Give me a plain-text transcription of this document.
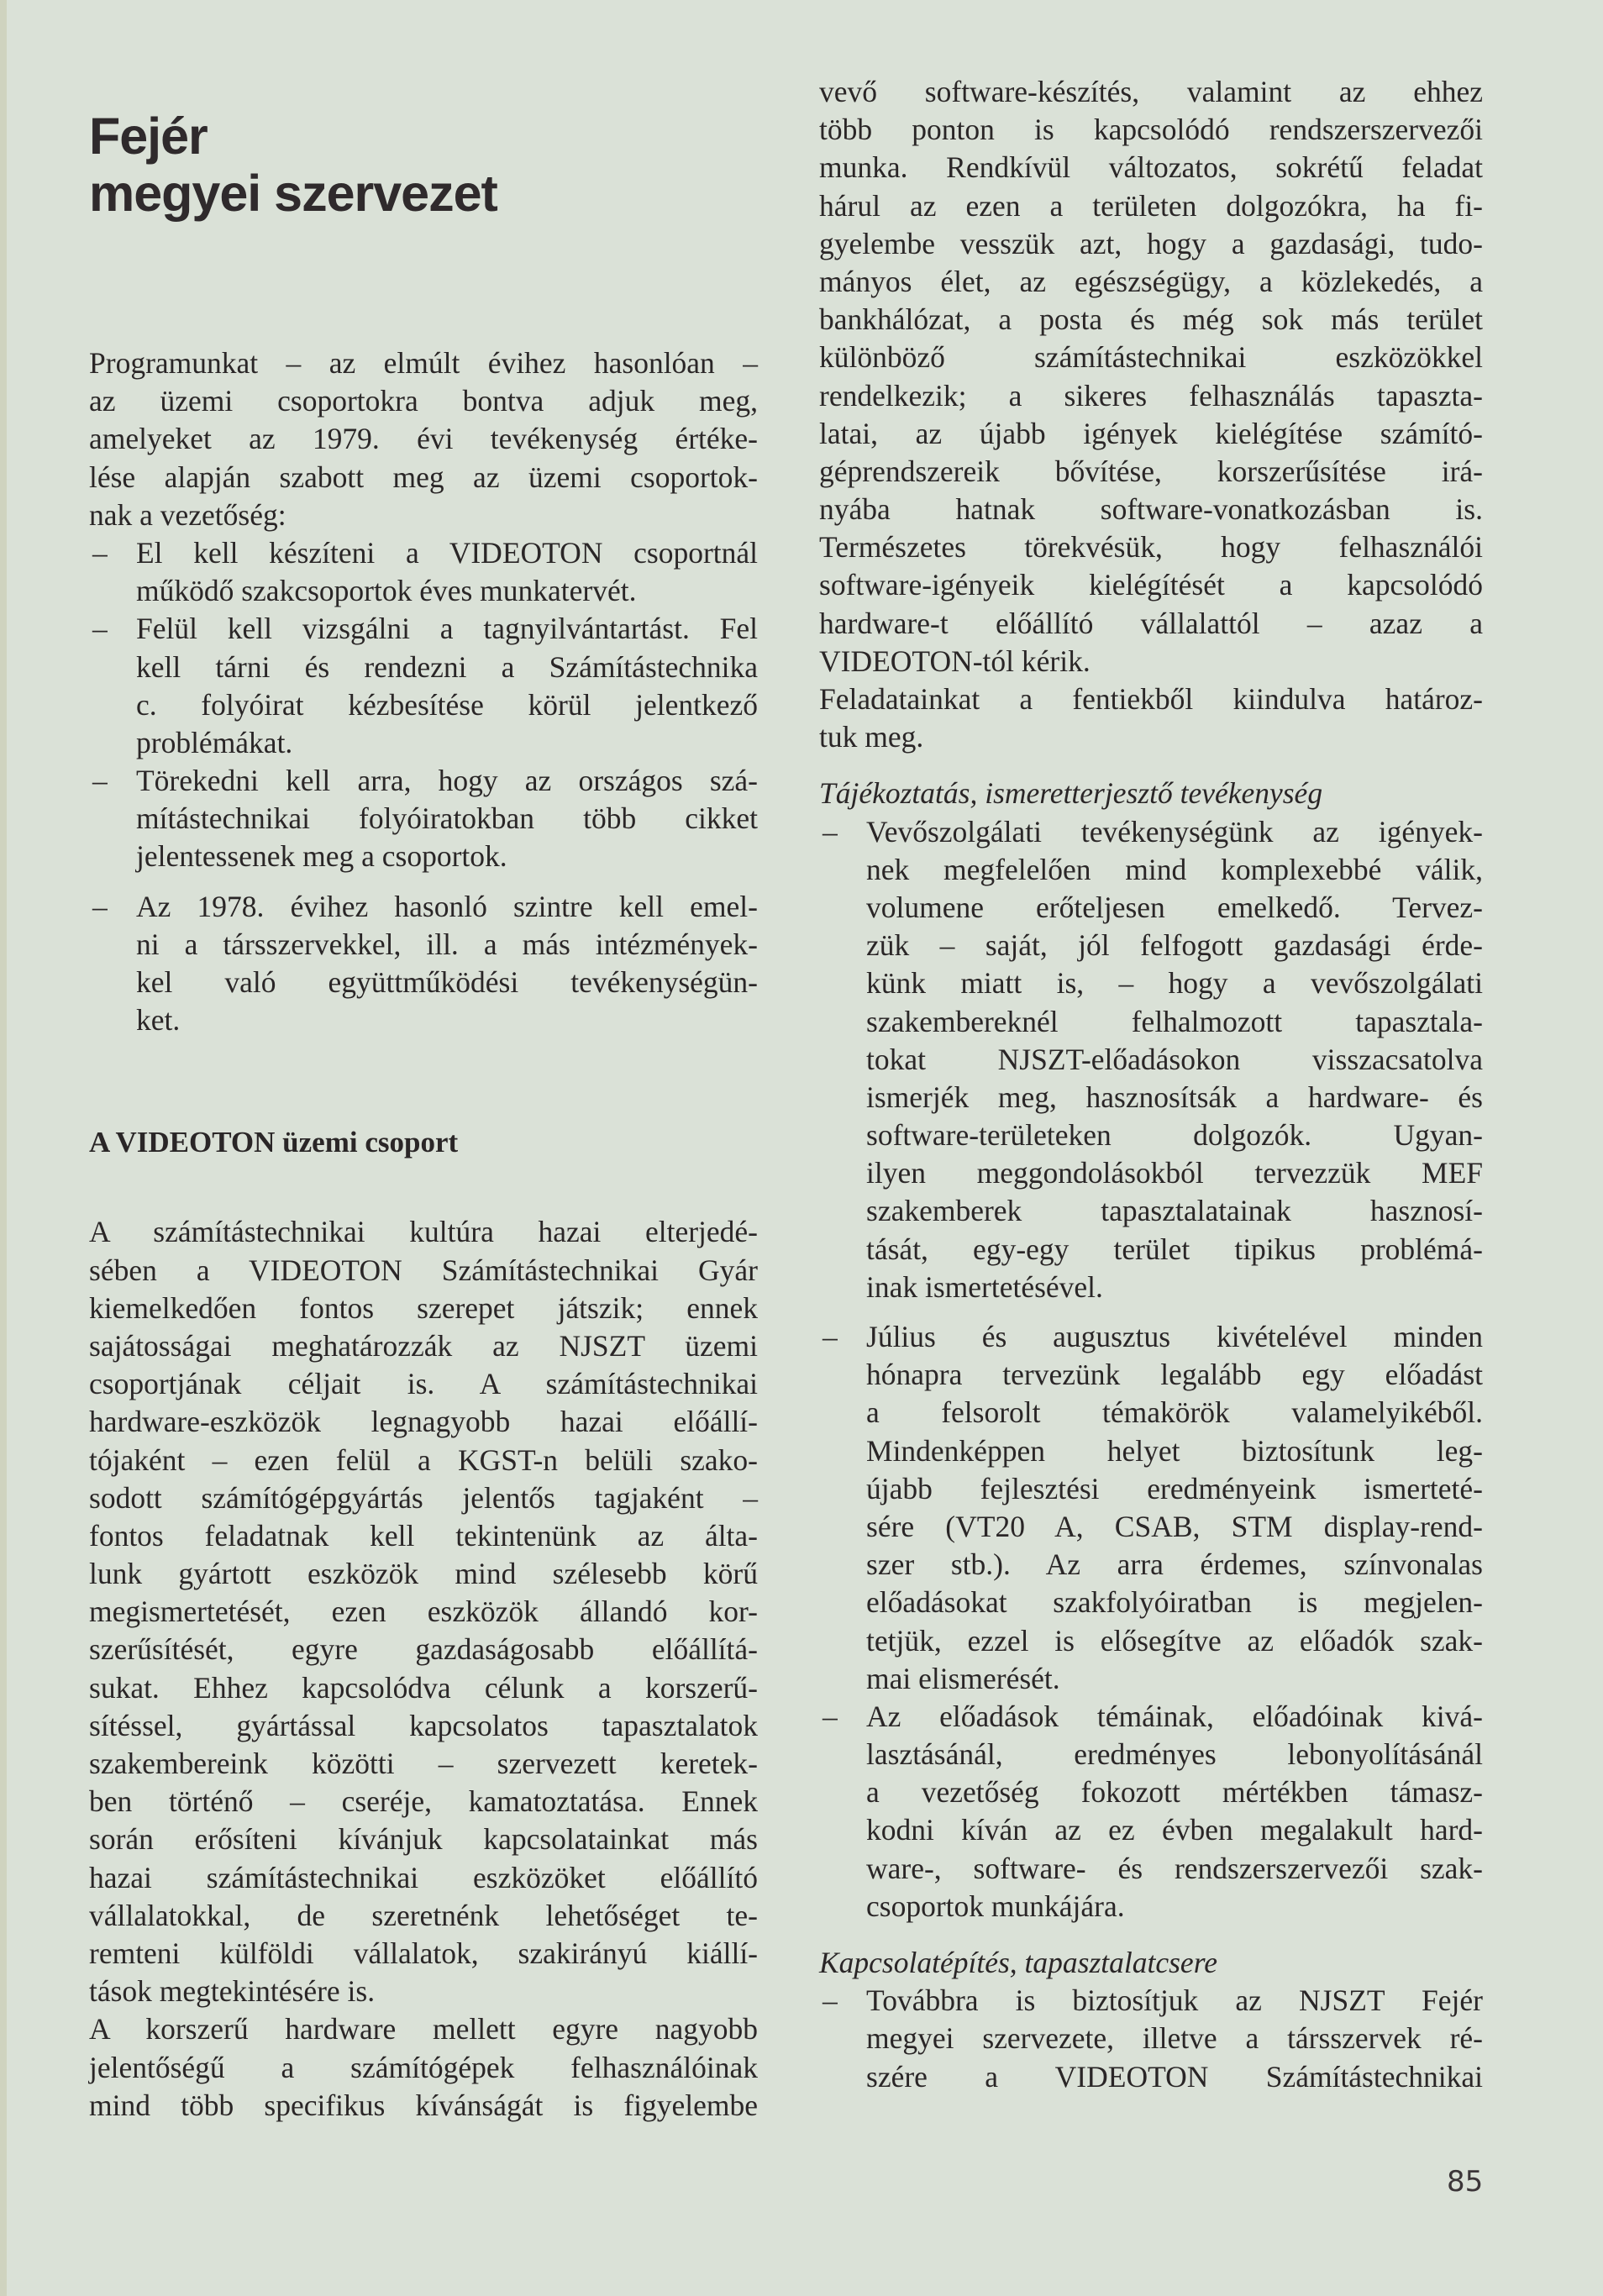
Fejér
megyei szervezet
Programunkat – az elmúlt évihez hasonlóan –
az üzemi csoportokra bontva adjuk meg,
amelyeket az 1979. évi tevékenység értéke-
lése alapján szabott meg az üzemi csoportok-
nak a vezetőség:
– El kell készíteni a VIDEOTON csoportnál
működő szakcsoportok éves munkatervét.
– Felül kell vizsgálni a tagnyilvántartást. Fel
kell tárni és rendezni a Számítástechnika
c. folyóirat kézbesítése körül jelentkező
problémákat.
– Törekedni kell arra, hogy az országos szá-
mítástechnikai folyóiratokban több cikket
jelentessenek meg a csoportok.
– Az 1978. évihez hasonló szintre kell emel-
ni a társszervekkel, ill. a más intézmények-
kel való együttműködési tevékenységün-
ket.
A VIDEOTON üzemi csoport
A számítástechnikai kultúra hazai elterjedé-
sében a VIDEOTON Számítástechnikai Gyár
kiemelkedően fontos szerepet játszik; ennek
sajátosságai meghatározzák az NJSZT üzemi
csoportjának céljait is. A számítástechnikai
hardware-eszközök legnagyobb hazai előállí-
tójaként – ezen felül a KGST-n belüli szako-
sodott számítógépgyártás jelentős tagjaként –
fontos feladatnak kell tekintenünk az álta-
lunk gyártott eszközök mind szélesebb körű
megismertetését, ezen eszközök állandó kor-
szerűsítését, egyre gazdaságosabb előállítá-
sukat. Ehhez kapcsolódva célunk a korszerű-
sítéssel, gyártással kapcsolatos tapasztalatok
szakembereink közötti – szervezett keretek-
ben történő – cseréje, kamatoztatása. Ennek
során erősíteni kívánjuk kapcsolatainkat más
hazai számítástechnikai eszközöket előállító
vállalatokkal, de szeretnénk lehetőséget te-
remteni külföldi vállalatok, szakirányú kiállí-
tások megtekintésére is.
A korszerű hardware mellett egyre nagyobb
jelentőségű a számítógépek felhasználóinak
mind több specifikus kívánságát is figyelembe
vevő software-készítés, valamint az ehhez
több ponton is kapcsolódó rendszerszervezői
munka. Rendkívül változatos, sokrétű feladat
hárul az ezen a területen dolgozókra, ha fi-
gyelembe vesszük azt, hogy a gazdasági, tudo-
mányos élet, az egészségügy, a közlekedés, a
bankhálózat, a posta és még sok más terület
különböző számítástechnikai eszközökkel
rendelkezik; a sikeres felhasználás tapaszta-
latai, az újabb igények kielégítése számító-
géprendszereik bővítése, korszerűsítése irá-
nyába hatnak software-vonatkozásban is.
Természetes törekvésük, hogy felhasználói
software-igényeik kielégítését a kapcsolódó
hardware-t előállító vállalattól – azaz a
VIDEOTON-tól kérik.
Feladatainkat a fentiekből kiindulva határoz-
tuk meg.
Tájékoztatás, ismeretterjesztő tevékenység
– Vevőszolgálati tevékenységünk az igények-
nek megfelelően mind komplexebbé válik,
volumene erőteljesen emelkedő. Tervez-
zük – saját, jól felfogott gazdasági érde-
künk miatt is, – hogy a vevőszolgálati
szakembereknél felhalmozott tapasztala-
tokat NJSZT-előadásokon visszacsatolva
ismerjék meg, hasznosítsák a hardware- és
software-területeken dolgozók. Ugyan-
ilyen meggondolásokból tervezzük MEF
szakemberek tapasztalatainak hasznosí-
tását, egy-egy terület tipikus problémá-
inak ismertetésével.
– Július és augusztus kivételével minden
hónapra tervezünk legalább egy előadást
a felsorolt témakörök valamelyikéből.
Mindenképpen helyet biztosítunk leg-
újabb fejlesztési eredményeink ismerteté-
sére (VT20 A, CSAB, STM display-rend-
szer stb.). Az arra érdemes, színvonalas
előadásokat szakfolyóiratban is megjelen-
tetjük, ezzel is elősegítve az előadók szak-
mai elismerését.
– Az előadások témáinak, előadóinak kivá-
lasztásánál, eredményes lebonyolításánál
a vezetőség fokozott mértékben támasz-
kodni kíván az ez évben megalakult hard-
ware-, software- és rendszerszervezői szak-
csoportok munkájára.
Kapcsolatépítés, tapasztalatcsere
– Továbbra is biztosítjuk az NJSZT Fejér
megyei szervezete, illetve a társszervek ré-
szére a VIDEOTON Számítástechnikai
85
